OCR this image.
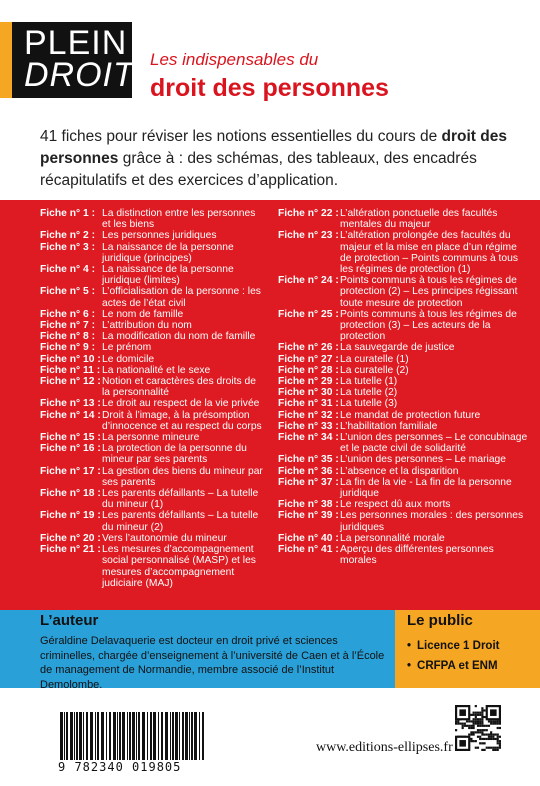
PLEIN
DROIT Les indispensables du
droit des personnes
41 fiches pour réviser les notions essentielles du cours de droit des personnes grâce à : des schémas, des tableaux, des encadrés récapitulatifs et des exercices d’application.
Fiche n° 1 : La distinction entre les personnes et les biens
Fiche n° 2 : Les personnes juridiques
Fiche n° 3 : La naissance de la personne juridique (principes)
Fiche n° 4 : La naissance de la personne juridique (limites)
Fiche n° 5 : L’officialisation de la personne : les actes de l’état civil
Fiche n° 6 : Le nom de famille
Fiche n° 7 : L’attribution du nom
Fiche n° 8 : La modification du nom de famille
Fiche n° 9 : Le prénom
Fiche n° 10 : Le domicile
Fiche n° 11 : La nationalité et le sexe
Fiche n° 12 : Notion et caractères des droits de la personnalité
Fiche n° 13 : Le droit au respect de la vie privée
Fiche n° 14 : Droit à l’image, à la présomption d’innocence et au respect du corps
Fiche n° 15 : La personne mineure
Fiche n° 16 : La protection de la personne du mineur par ses parents
Fiche n° 17 : La gestion des biens du mineur par ses parents
Fiche n° 18 : Les parents défaillants – La tutelle du mineur (1)
Fiche n° 19 : Les parents défaillants – La tutelle du mineur (2)
Fiche n° 20 : Vers l’autonomie du mineur
Fiche n° 21 : Les mesures d’accompagnement social personnalisé (MASP) et les mesures d’accompagnement judiciaire (MAJ)
Fiche n° 22 : L’altération ponctuelle des facultés mentales du majeur
Fiche n° 23 : L’altération prolongée des facultés du majeur et la mise en place d’un régime de protection – Points communs à tous les régimes de protection (1)
Fiche n° 24 : Points communs à tous les régimes de protection (2) – Les principes régissant toute mesure de protection
Fiche n° 25 : Points communs à tous les régimes de protection (3) – Les acteurs de la protection
Fiche n° 26 : La sauvegarde de justice
Fiche n° 27 : La curatelle (1)
Fiche n° 28 : La curatelle (2)
Fiche n° 29 : La tutelle (1)
Fiche n° 30 : La tutelle (2)
Fiche n° 31 : La tutelle (3)
Fiche n° 32 : Le mandat de protection future
Fiche n° 33 : L’habilitation familiale
Fiche n° 34 : L’union des personnes – Le concubinage et le pacte civil de solidarité
Fiche n° 35 : L’union des personnes – Le mariage
Fiche n° 36 : L’absence et la disparition
Fiche n° 37 : La fin de la vie - La fin de la personne juridique
Fiche n° 38 : Le respect dû aux morts
Fiche n° 39 : Les personnes morales : des personnes juridiques
Fiche n° 40 : La personnalité morale
Fiche n° 41 : Aperçu des différentes personnes morales
L’auteur

Géraldine Delavaquerie est docteur en droit privé et sciences criminelles, chargée d’enseignement à l’université de Caen et à l’École de management de Normandie, membre associé de l’Institut Demolombe.

Le public
• Licence 1 Droit
• CRFPA et ENM
9 782340 019805
www.editions-ellipses.fr
